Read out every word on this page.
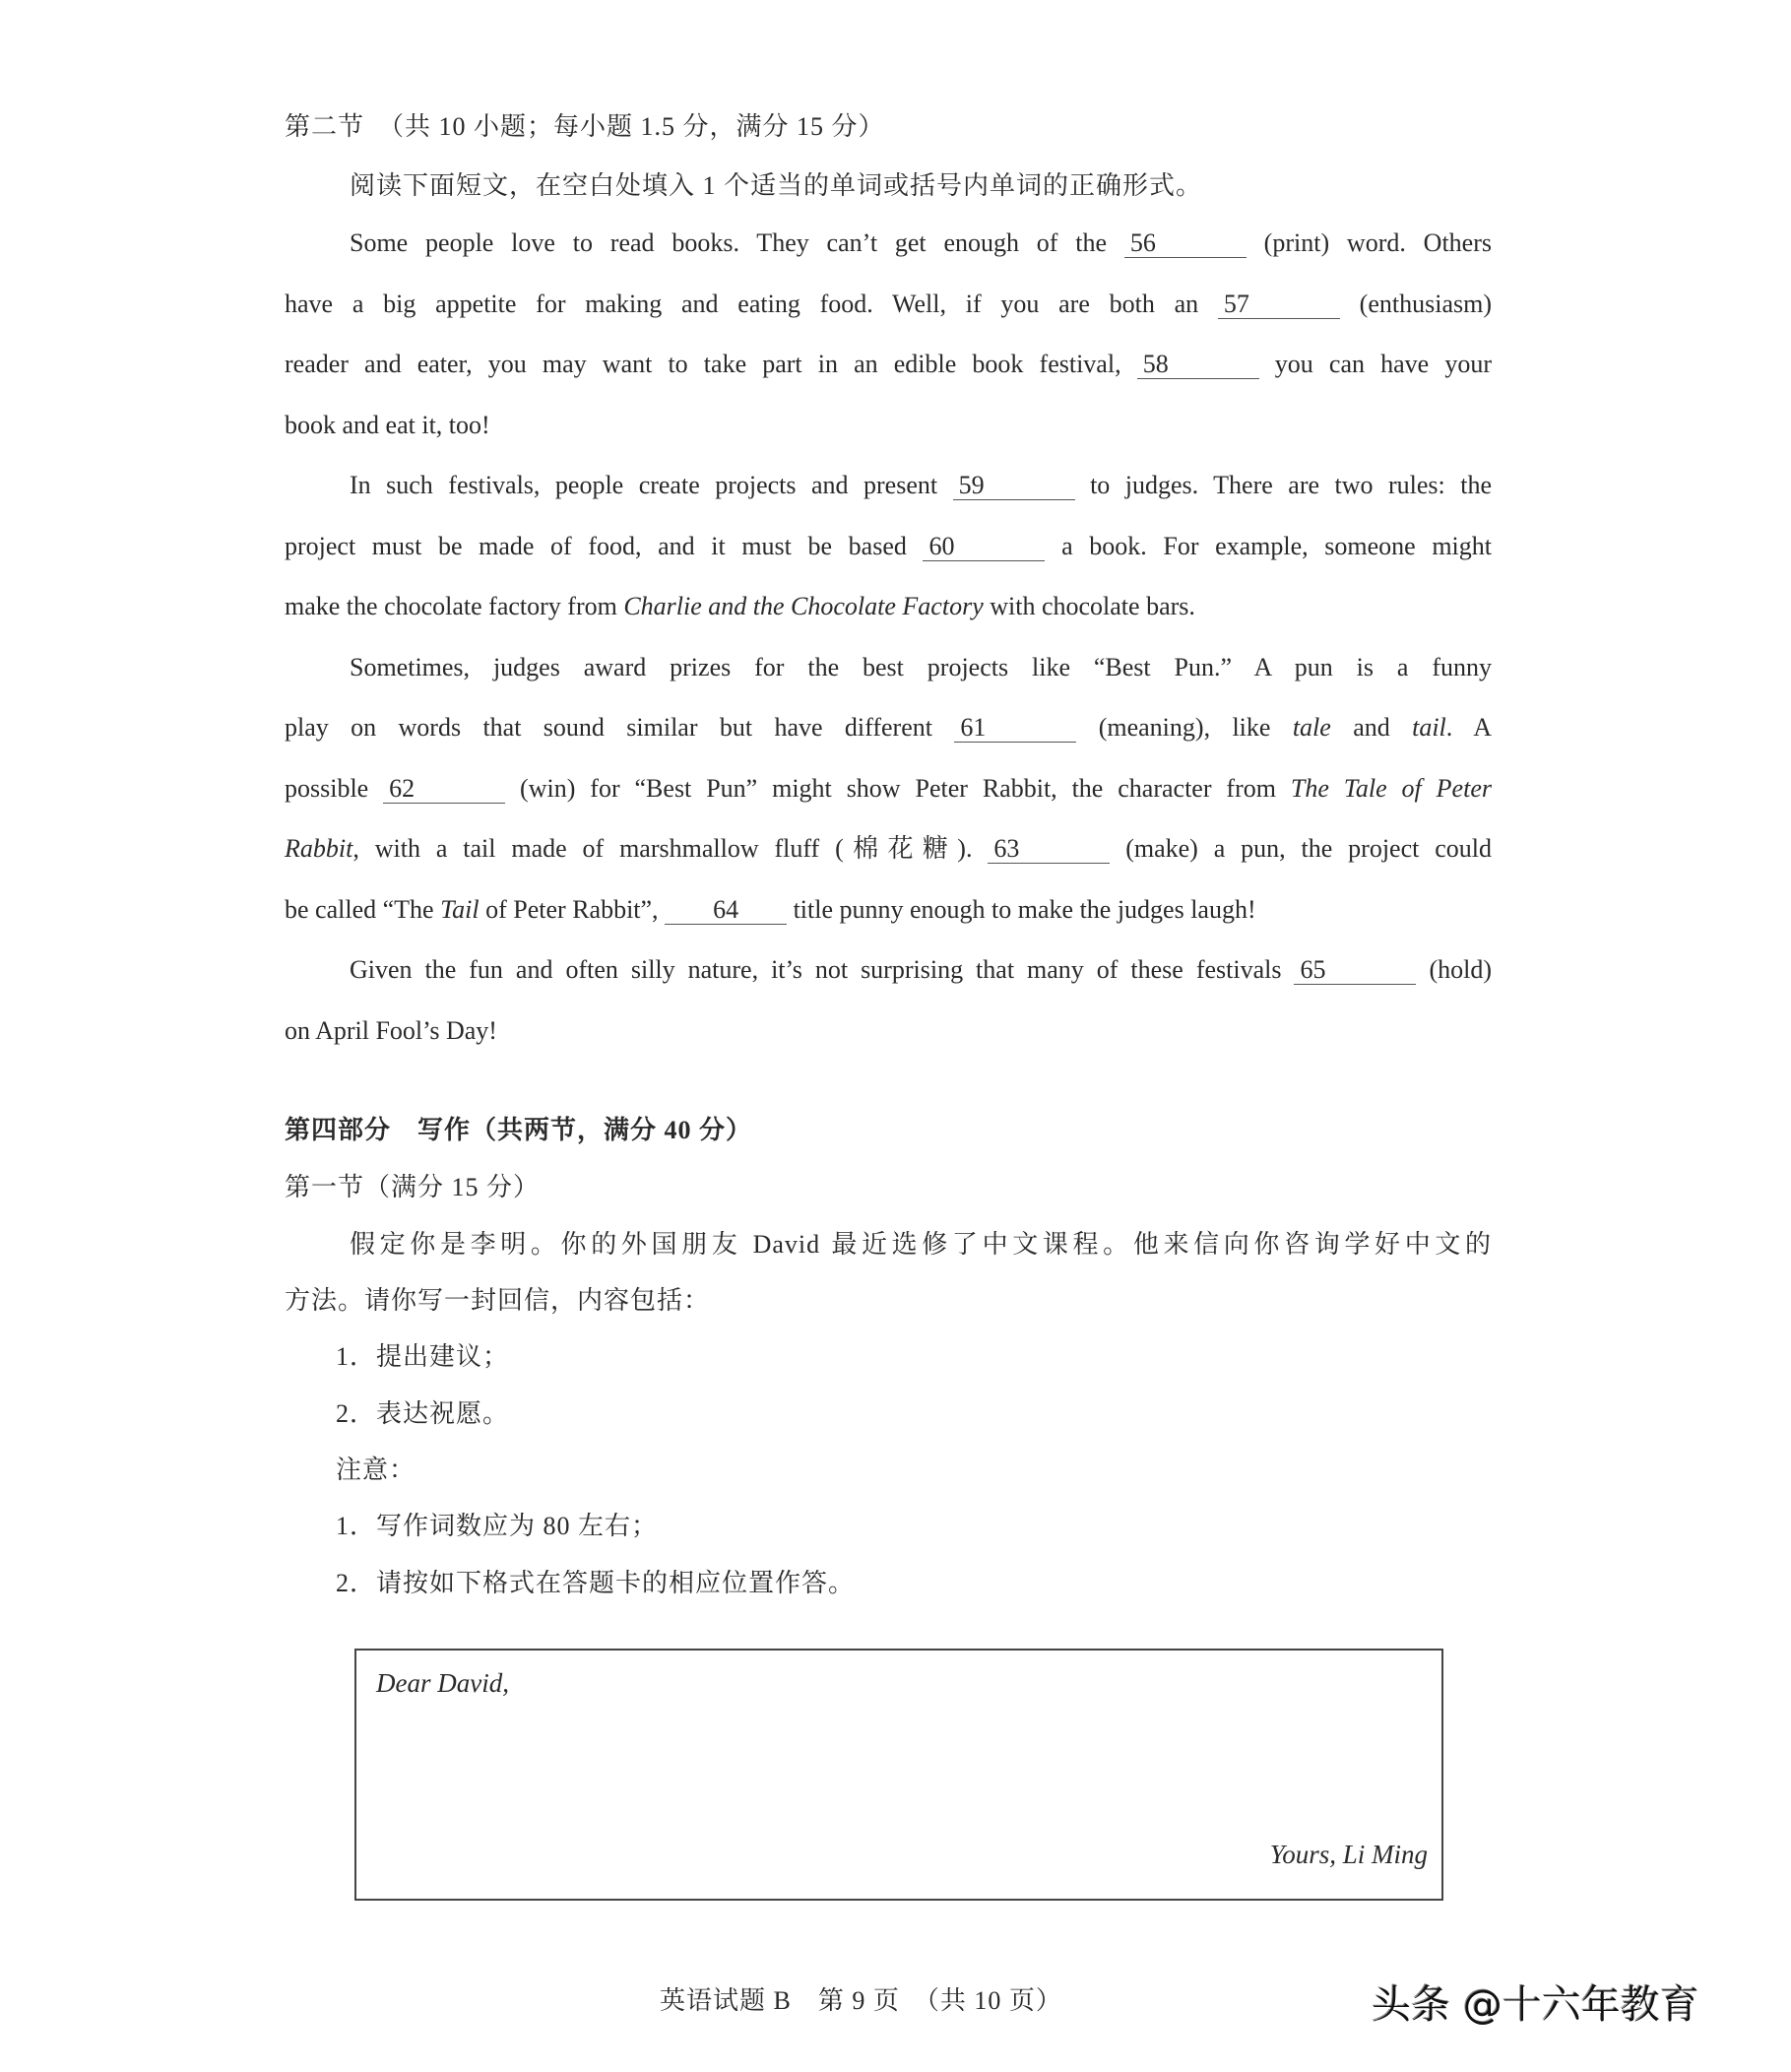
第二节　（共 10 小题；每小题 1.5 分，满分 15 分）
阅读下面短文，在空白处填入 1 个适当的单词或括号内单词的正确形式。
Some people love to read books. They can’t get enough of the 56	(print) word. Others
have a big appetite for making and eating food. Well, if you are both an 57	(enthusiasm)
reader and eater, you may want to take part in an edible book festival, 58	you can have your
book and eat it, too!
In such festivals, people create projects and present 59	to judges. There are two rules: the
project must be made of food, and it must be based 60	a book. For example, someone might
make the chocolate factory from Charlie and the Chocolate Factory with chocolate bars.
Sometimes, judges award prizes for the best projects like “Best Pun.” A pun is a funny
play on words that sound similar but have different 61	(meaning), like tale and tail. A
possible 62	(win) for “Best Pun” might show Peter Rabbit, the character from The Tale of Peter
Rabbit, with a tail made of marshmallow fluff (棉花糖). 63	(make) a pun, the project could
be called “The Tail of Peter Rabbit”, 64 title punny enough to make the judges laugh!
Given the fun and often silly nature, it’s not surprising that many of these festivals 65	(hold)
on April Fool’s Day!
第四部分　写作（共两节，满分 40 分）
第一节（满分 15 分）
假定你是李明。你的外国朋友 David 最近选修了中文课程。他来信向你咨询学好中文的
方法。请你写一封回信，内容包括：
1．提出建议；
2．表达祝愿。
注意：
1．写作词数应为 80 左右；
2．请按如下格式在答题卡的相应位置作答。
Dear David,
Yours, Li Ming
英语试题 B　第 9 页　（共 10 页）	头条 @十六年教育
